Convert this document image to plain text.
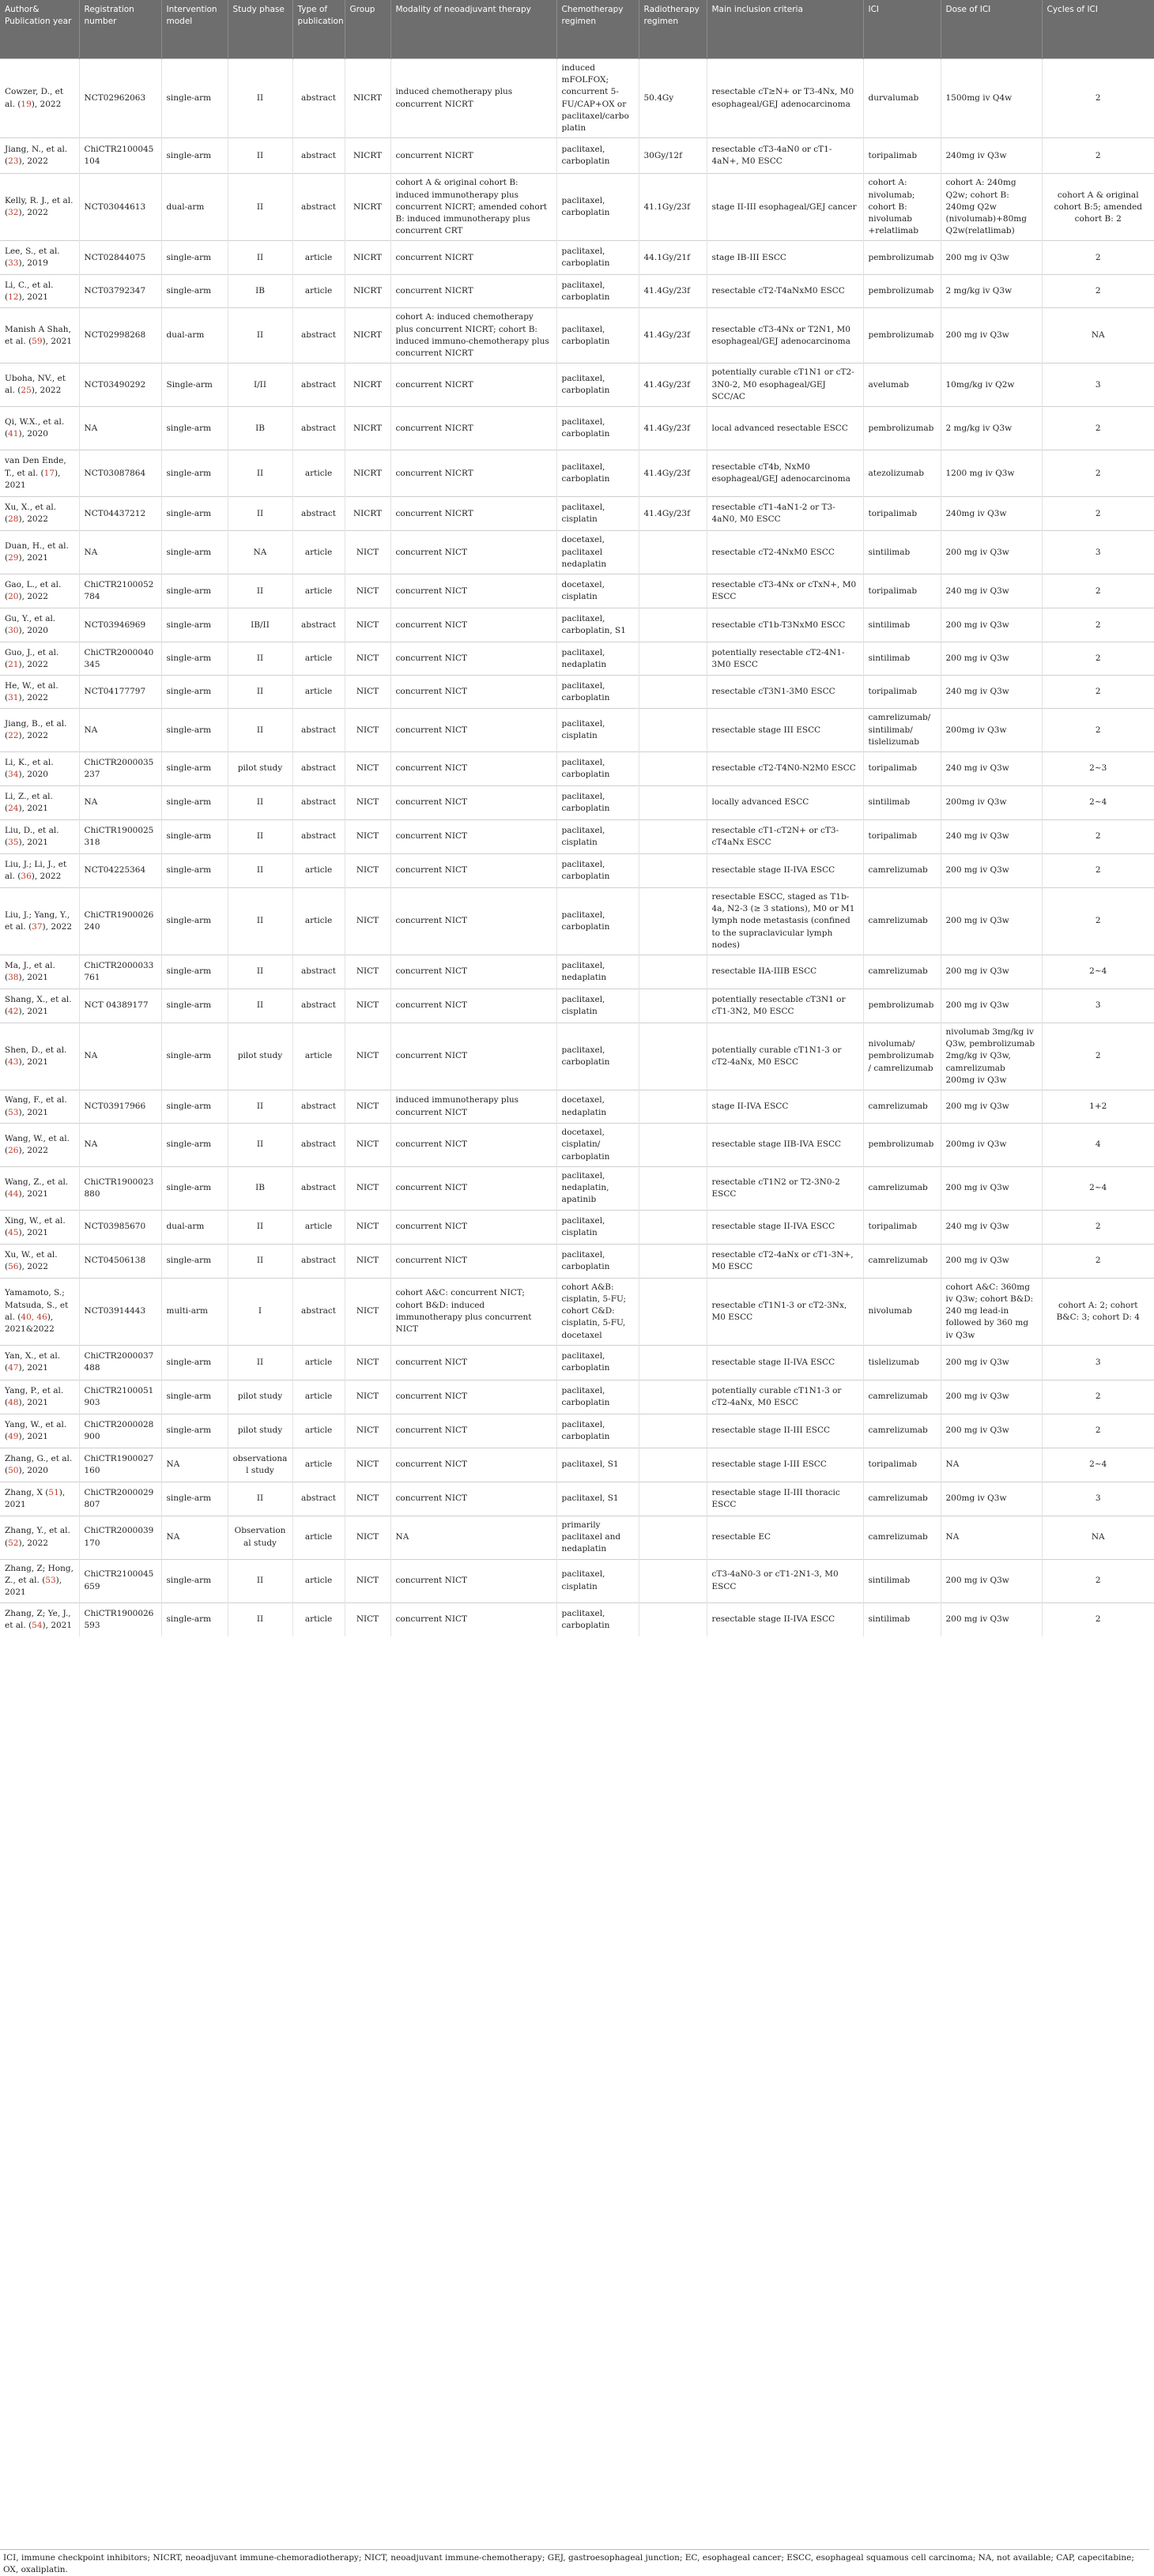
Author& Publication year	Registration number	Intervention model	Study phase	Type of publication	Group	Modality of neoadjuvant therapy	Chemotherapy regimen	Radiotherapy regimen	Main inclusion criteria	ICI	Dose of ICI	Cycles of ICI
Cowzer, D., et al. (19), 2022	NCT02962063	single-arm	II	abstract	NICRT	induced chemotherapy plus concurrent NICRT	induced mFOLFOX; concurrent 5-FU/CAP+OX or paclitaxel/carboplatin	50.4Gy	resectable cT≥N+ or T3-4Nx, M0 esophageal/GEJ adenocarcinoma	durvalumab	1500mg iv Q4w	2
Jiang, N., et al. (23), 2022	ChiCTR2100045104	single-arm	II	abstract	NICRT	concurrent NICRT	paclitaxel, carboplatin	30Gy/12f	resectable cT3-4aN0 or cT1-4aN+, M0 ESCC	toripalimab	240mg iv Q3w	2
Kelly, R. J., et al. (32), 2022	NCT03044613	dual-arm	II	abstract	NICRT	cohort A & original cohort B: induced immunotherapy plus concurrent NICRT; amended cohort B: induced immunotherapy plus concurrent CRT	paclitaxel, carboplatin	41.1Gy/23f	stage II-III esophageal/GEJ cancer	cohort A: nivolumab; cohort B: nivolumab +relatlimab	cohort A: 240mg Q2w; cohort B: 240mg Q2w (nivolumab)+80mg Q2w(relatlimab)	cohort A & original cohort B:5; amended cohort B: 2
Lee, S., et al. (33), 2019	NCT02844075	single-arm	II	article	NICRT	concurrent NICRT	paclitaxel, carboplatin	44.1Gy/21f	stage IB-III ESCC	pembrolizumab	200 mg iv Q3w	2
Li, C., et al. (12), 2021	NCT03792347	single-arm	IB	article	NICRT	concurrent NICRT	paclitaxel, carboplatin	41.4Gy/23f	resectable cT2-T4aNxM0 ESCC	pembrolizumab	2 mg/kg iv Q3w	2
Manish A Shah, et al. (59), 2021	NCT02998268	dual-arm	II	abstract	NICRT	cohort A: induced chemotherapy plus concurrent NICRT; cohort B: induced immuno-chemotherapy plus concurrent NICRT	paclitaxel, carboplatin	41.4Gy/23f	resectable cT3-4Nx or T2N1, M0 esophageal/GEJ adenocarcinoma	pembrolizumab	200 mg iv Q3w	NA
Uboha, NV., et al. (25), 2022	NCT03490292	Single-arm	I/II	abstract	NICRT	concurrent NICRT	paclitaxel, carboplatin	41.4Gy/23f	potentially curable cT1N1 or cT2-3N0-2, M0 esophageal/GEJ SCC/AC	avelumab	10mg/kg iv Q2w	3
Qi, W.X., et al. (41), 2020	NA	single-arm	IB	abstract	NICRT	concurrent NICRT	paclitaxel, carboplatin	41.4Gy/23f	local advanced resectable ESCC	pembrolizumab	2 mg/kg iv Q3w	2
van Den Ende, T., et al. (17), 2021	NCT03087864	single-arm	II	article	NICRT	concurrent NICRT	paclitaxel, carboplatin	41.4Gy/23f	resectable cT4b, NxM0 esophageal/GEJ adenocarcinoma	atezolizumab	1200 mg iv Q3w	2
Xu, X., et al. (28), 2022	NCT04437212	single-arm	II	abstract	NICRT	concurrent NICRT	paclitaxel, cisplatin	41.4Gy/23f	resectable cT1-4aN1-2 or T3-4aN0, M0 ESCC	toripalimab	240mg iv Q3w	2
Duan, H., et al. (29), 2021	NA	single-arm	NA	article	NICT	concurrent NICT	docetaxel, paclitaxel nedaplatin		resectable cT2-4NxM0 ESCC	sintilimab	200 mg iv Q3w	3
Gao, L., et al. (20), 2022	ChiCTR2100052784	single-arm	II	article	NICT	concurrent NICT	docetaxel, cisplatin		resectable cT3-4Nx or cTxN+, M0 ESCC	toripalimab	240 mg iv Q3w	2
Gu, Y., et al. (30), 2020	NCT03946969	single-arm	IB/II	abstract	NICT	concurrent NICT	paclitaxel, carboplatin, S1		resectable cT1b-T3NxM0 ESCC	sintilimab	200 mg iv Q3w	2
Guo, J., et al. (21), 2022	ChiCTR2000040345	single-arm	II	article	NICT	concurrent NICT	paclitaxel, nedaplatin		potentially resectable cT2-4N1-3M0 ESCC	sintilimab	200 mg iv Q3w	2
He, W., et al. (31), 2022	NCT04177797	single-arm	II	article	NICT	concurrent NICT	paclitaxel, carboplatin		resectable cT3N1-3M0 ESCC	toripalimab	240 mg iv Q3w	2
Jiang, B., et al. (22), 2022	NA	single-arm	II	abstract	NICT	concurrent NICT	paclitaxel, cisplatin		resectable stage III ESCC	camrelizumab/ sintilimab/ tislelizumab	200mg iv Q3w	2
Li, K., et al. (34), 2020	ChiCTR2000035237	single-arm	pilot study	abstract	NICT	concurrent NICT	paclitaxel, carboplatin		resectable cT2-T4N0-N2M0 ESCC	toripalimab	240 mg iv Q3w	2~3
Li, Z., et al. (24), 2021	NA	single-arm	II	abstract	NICT	concurrent NICT	paclitaxel, carboplatin		locally advanced ESCC	sintilimab	200mg iv Q3w	2~4
Liu, D., et al. (35), 2021	ChiCTR1900025318	single-arm	II	abstract	NICT	concurrent NICT	paclitaxel, cisplatin		resectable cT1-cT2N+ or cT3-cT4aNx ESCC	toripalimab	240 mg iv Q3w	2
Liu, J.; Li, J., et al. (36), 2022	NCT04225364	single-arm	II	article	NICT	concurrent NICT	paclitaxel, carboplatin		resectable stage II-IVA ESCC	camrelizumab	200 mg iv Q3w	2
Liu, J.; Yang, Y., et al. (37), 2022	ChiCTR1900026240	single-arm	II	article	NICT	concurrent NICT	paclitaxel, carboplatin		resectable ESCC, staged as T1b-4a, N2-3 (≥ 3 stations), M0 or M1 lymph node metastasis (confined to the supraclavicular lymph nodes)	camrelizumab	200 mg iv Q3w	2
Ma, J., et al. (38), 2021	ChiCTR2000033761	single-arm	II	abstract	NICT	concurrent NICT	paclitaxel, nedaplatin		resectable IIA-IIIB ESCC	camrelizumab	200 mg iv Q3w	2~4
Shang, X., et al. (42), 2021	NCT 04389177	single-arm	II	abstract	NICT	concurrent NICT	paclitaxel, cisplatin		potentially resectable cT3N1 or cT1-3N2, M0 ESCC	pembrolizumab	200 mg iv Q3w	3
Shen, D., et al. (43), 2021	NA	single-arm	pilot study	article	NICT	concurrent NICT	paclitaxel, carboplatin		potentially curable cT1N1-3 or cT2-4aNx, M0 ESCC	nivolumab/ pembrolizumab/ camrelizumab	nivolumab 3mg/kg iv Q3w, pembrolizumab 2mg/kg iv Q3w, camrelizumab 200mg iv Q3w	2
Wang, F., et al. (53), 2021	NCT03917966	single-arm	II	abstract	NICT	induced immunotherapy plus concurrent NICT	docetaxel, nedaplatin		stage II-IVA ESCC	camrelizumab	200 mg iv Q3w	1+2
Wang, W., et al. (26), 2022	NA	single-arm	II	abstract	NICT	concurrent NICT	docetaxel, cisplatin/ carboplatin		resectable stage IIB-IVA ESCC	pembrolizumab	200mg iv Q3w	4
Wang, Z., et al. (44), 2021	ChiCTR1900023880	single-arm	IB	abstract	NICT	concurrent NICT	paclitaxel, nedaplatin, apatinib		resectable cT1N2 or T2-3N0-2 ESCC	camrelizumab	200 mg iv Q3w	2~4
Xing, W., et al. (45), 2021	NCT03985670	dual-arm	II	article	NICT	concurrent NICT	paclitaxel, cisplatin		resectable stage II-IVA ESCC	toripalimab	240 mg iv Q3w	2
Xu, W., et al. (56), 2022	NCT04506138	single-arm	II	abstract	NICT	concurrent NICT	paclitaxel, carboplatin		resectable cT2-4aNx or cT1-3N+, M0 ESCC	camrelizumab	200 mg iv Q3w	2
Yamamoto, S.; Matsuda, S., et al. (40, 46), 2021&2022	NCT03914443	multi-arm	I	abstract	NICT	cohort A&C: concurrent NICT; cohort B&D: induced immunotherapy plus concurrent NICT	cohort A&B: cisplatin, 5-FU; cohort C&D: cisplatin, 5-FU, docetaxel		resectable cT1N1-3 or cT2-3Nx, M0 ESCC	nivolumab	cohort A&C: 360mg iv Q3w; cohort B&D: 240 mg lead-in followed by 360 mg iv Q3w	cohort A: 2; cohort B&C: 3; cohort D: 4
Yan, X., et al. (47), 2021	ChiCTR2000037488	single-arm	II	article	NICT	concurrent NICT	paclitaxel, carboplatin		resectable stage II-IVA ESCC	tislelizumab	200 mg iv Q3w	3
Yang, P., et al. (48), 2021	ChiCTR2100051903	single-arm	pilot study	article	NICT	concurrent NICT	paclitaxel, carboplatin		potentially curable cT1N1-3 or cT2-4aNx, M0 ESCC	camrelizumab	200 mg iv Q3w	2
Yang, W., et al. (49), 2021	ChiCTR2000028900	single-arm	pilot study	article	NICT	concurrent NICT	paclitaxel, carboplatin		resectable stage II-III ESCC	camrelizumab	200 mg iv Q3w	2
Zhang, G., et al. (50), 2020	ChiCTR1900027160	NA	observational study	article	NICT	concurrent NICT	paclitaxel, S1		resectable stage I-III ESCC	toripalimab	NA	2~4
Zhang, X (51), 2021	ChiCTR2000029807	single-arm	II	abstract	NICT	concurrent NICT	paclitaxel, S1		resectable stage II-III thoracic ESCC	camrelizumab	200mg iv Q3w	3
Zhang, Y., et al. (52), 2022	ChiCTR2000039170	NA	Observational study	article	NICT	NA	primarily paclitaxel and nedaplatin		resectable EC	camrelizumab	NA	NA
Zhang, Z; Hong, Z., et al. (53), 2021	ChiCTR2100045659	single-arm	II	article	NICT	concurrent NICT	paclitaxel, cisplatin		cT3-4aN0-3 or cT1-2N1-3, M0 ESCC	sintilimab	200 mg iv Q3w	2
Zhang, Z; Ye, J., et al. (54), 2021	ChiCTR1900026593	single-arm	II	article	NICT	concurrent NICT	paclitaxel, carboplatin		resectable stage II-IVA ESCC	sintilimab	200 mg iv Q3w	2
ICI, immune checkpoint inhibitors; NICRT, neoadjuvant immune-chemoradiotherapy; NICT, neoadjuvant immune-chemotherapy; GEJ, gastroesophageal junction; EC, esophageal cancer; ESCC, esophageal squamous cell carcinoma; NA, not available; CAP, capecitabine; OX, oxaliplatin.
